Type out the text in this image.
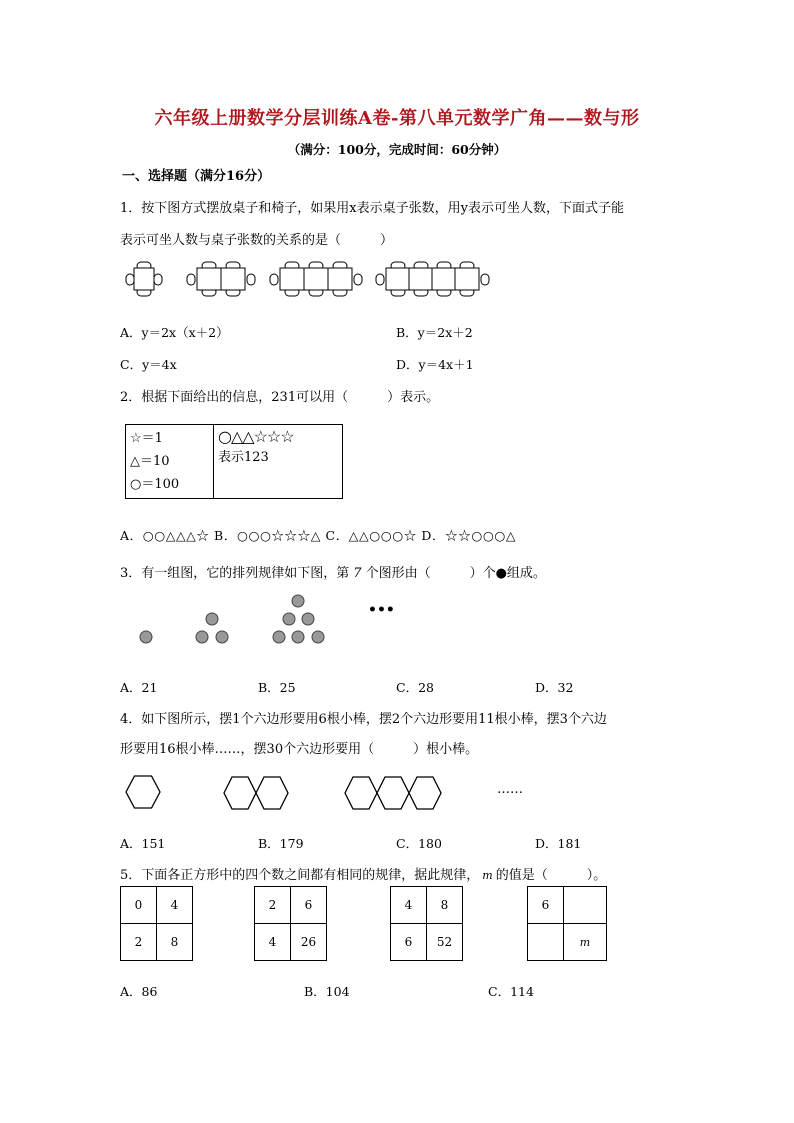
六年级上册数学分层训练A卷-第八单元数学广角——数与形
（满分：100分，完成时间：60分钟）
一、选择题（满分16分）
1．按下图方式摆放桌子和椅子，如果用x表示桌子张数，用y表示可坐人数，下面式子能
表示可坐人数与桌子张数的关系的是（　　　）
A．y＝2x（x＋2）	B．y＝2x＋2
C．y＝4x	D．y＝4x＋1
2．根据下面给出的信息，231可以用（　　　）表示。
☆＝1
△＝10
○＝100

○△△☆☆☆
表示123
A．○○△△△☆ B．○○○☆☆☆△ C．△△○○○☆ D．☆☆○○○△
3．有一组图，它的排列规律如下图，第 7 个图形由（　　　）个●组成。
•••
A．21	B．25	C．28	D．32
4．如下图所示，摆1个六边形要用6根小棒，摆2个六边形要用11根小棒，摆3个六边
形要用16根小棒……，摆30个六边形要用（　　　）根小棒。
……
A．151	B．179	C．180	D．181
5．下面各正方形中的四个数之间都有相同的规律，据此规律， m 的值是（　　　）。
0	4
2	8
2	6
4	26
4	8
6	52
6	
	m
A．86	B．104	C．114
